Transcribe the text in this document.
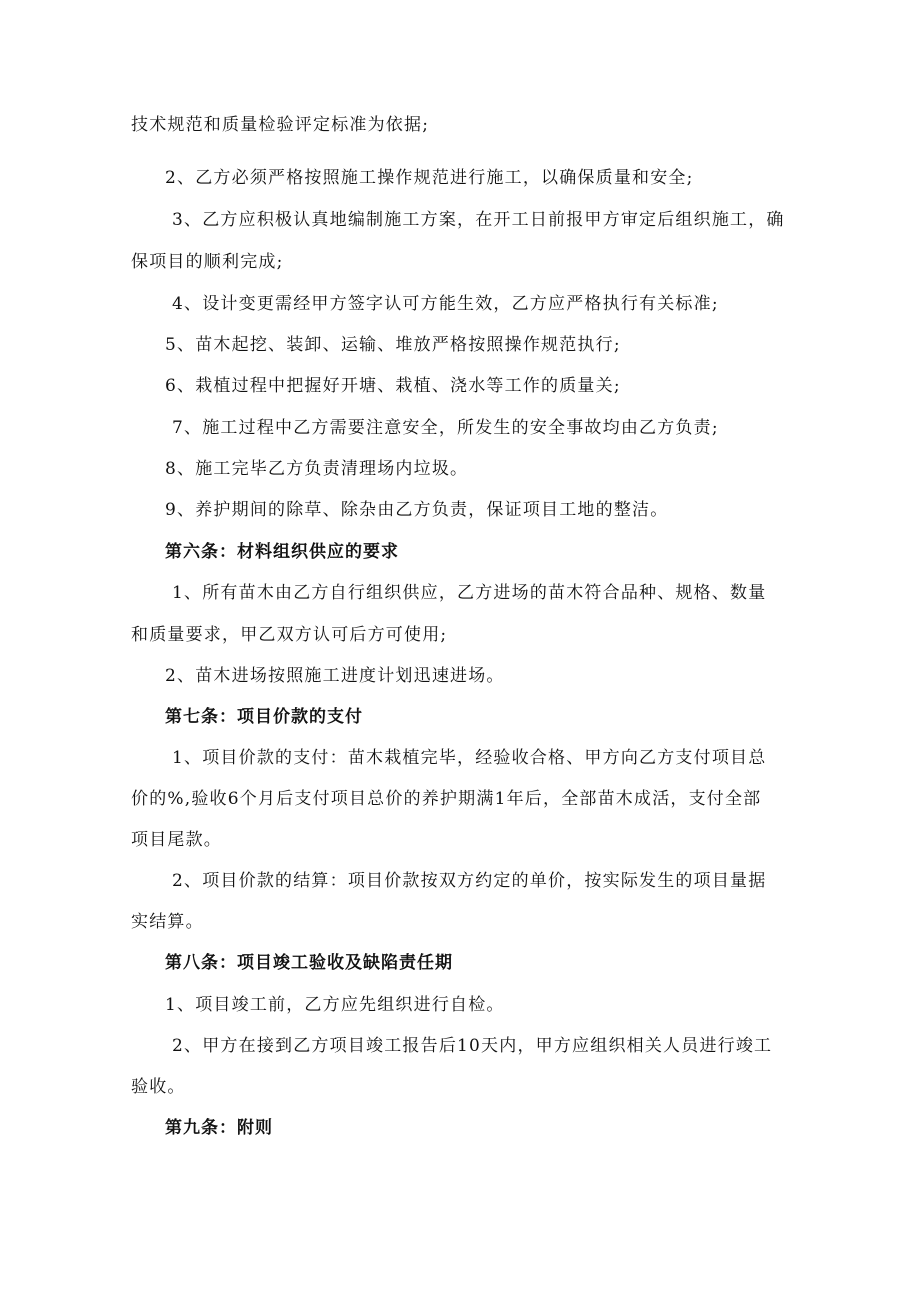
技术规范和质量检验评定标准为依据;
2、乙方必须严格按照施工操作规范进行施工，以确保质量和安全;
3、乙方应积极认真地编制施工方案，在开工日前报甲方审定后组织施工，确
保项目的顺利完成;
4、设计变更需经甲方签字认可方能生效，乙方应严格执行有关标准;
5、苗木起挖、装卸、运输、堆放严格按照操作规范执行;
6、栽植过程中把握好开塘、栽植、浇水等工作的质量关;
7、施工过程中乙方需要注意安全，所发生的安全事故均由乙方负责;
8、施工完毕乙方负责清理场内垃圾。
9、养护期间的除草、除杂由乙方负责，保证项目工地的整洁。
第六条：材料组织供应的要求
1、所有苗木由乙方自行组织供应，乙方进场的苗木符合品种、规格、数量
和质量要求，甲乙双方认可后方可使用;
2、苗木进场按照施工进度计划迅速进场。
第七条：项目价款的支付
1、项目价款的支付：苗木栽植完毕，经验收合格、甲方向乙方支付项目总
价的%,验收6个月后支付项目总价的养护期满1年后，全部苗木成活，支付全部
项目尾款。
2、项目价款的结算：项目价款按双方约定的单价，按实际发生的项目量据
实结算。
第八条：项目竣工验收及缺陷责任期
1、项目竣工前，乙方应先组织进行自检。
2、甲方在接到乙方项目竣工报告后10天内，甲方应组织相关人员进行竣工
验收。
第九条：附则
